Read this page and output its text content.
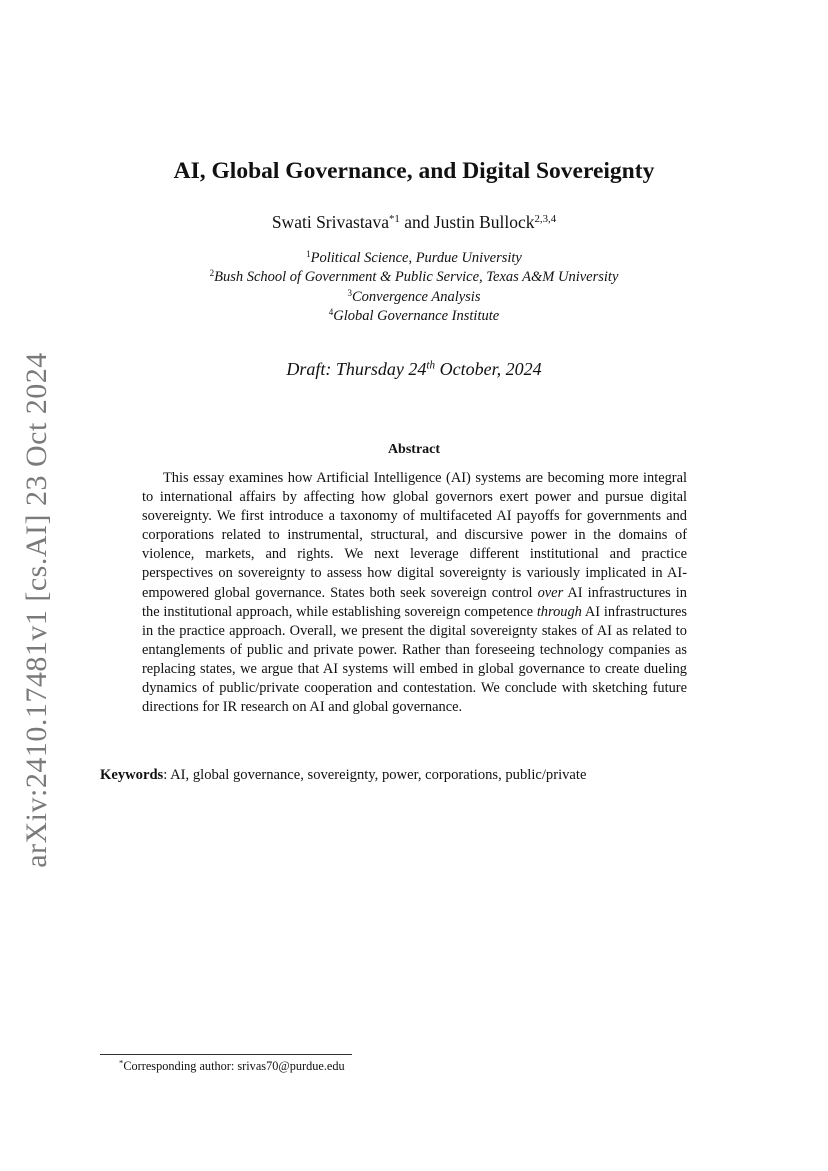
arXiv:2410.17481v1 [cs.AI] 23 Oct 2024
AI, Global Governance, and Digital Sovereignty
Swati Srivastava$^{*1}$ and Justin Bullock$^{2,3,4}$
$^1$Political Science, Purdue University
$^2$Bush School of Government & Public Service, Texas A&M University
$^3$Convergence Analysis
$^4$Global Governance Institute
Draft: Thursday 24th October, 2024
Abstract

This essay examines how Artificial Intelligence (AI) systems are becoming more integral to international affairs by affecting how global governors exert power and pursue digital sovereignty. We first introduce a taxonomy of multifaceted AI payoffs for governments and corporations related to instrumental, structural, and discursive power in the domains of violence, markets, and rights. We next leverage different institutional and practice perspectives on sovereignty to assess how digital sovereignty is variously implicated in AI-empowered global governance. States both seek sovereign control over AI infrastructures in the institutional approach, while establishing sovereign competence through AI infrastructures in the practice approach. Overall, we present the digital sovereignty stakes of AI as related to entanglements of public and private power. Rather than foreseeing technology companies as replacing states, we argue that AI systems will embed in global governance to create dueling dynamics of public/private cooperation and contestation. We conclude with sketching future directions for IR research on AI and global governance.

Keywords: AI, global governance, sovereignty, power, corporations, public/private
*Corresponding author: srivas70@purdue.edu
